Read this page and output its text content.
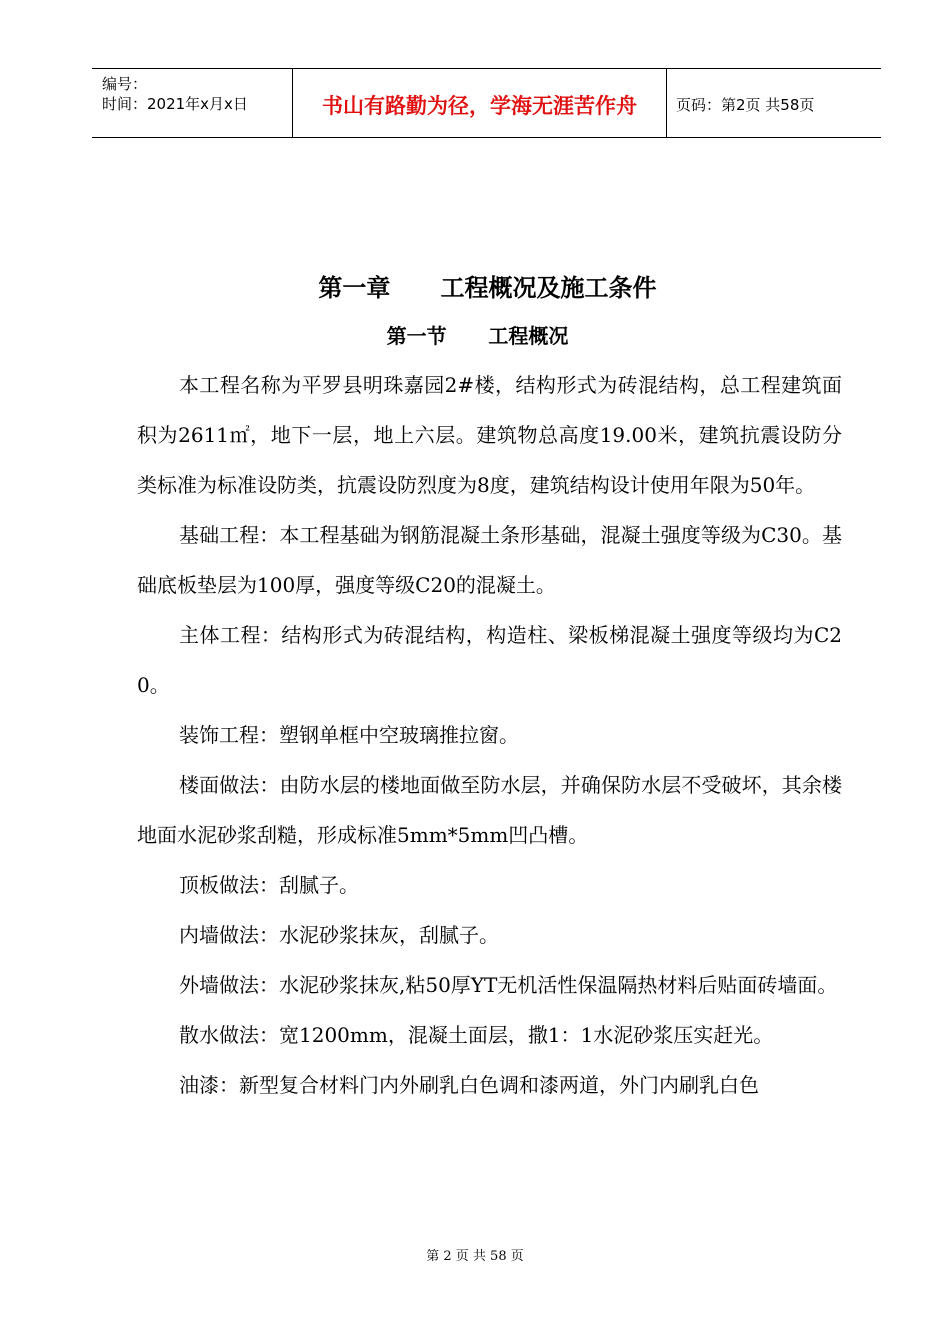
编号：
时间：2021年x月x日	书山有路勤为径，学海无涯苦作舟	页码：第2页 共58页
第一章      工程概况及施工条件
第一节      工程概况

本工程名称为平罗县明珠嘉园2#楼，结构形式为砖混结构，总工程建筑面积为2611㎡，地下一层，地上六层。建筑物总高度19.00米，建筑抗震设防分类标准为标准设防类，抗震设防烈度为8度，建筑结构设计使用年限为50年。

基础工程：本工程基础为钢筋混凝土条形基础，混凝土强度等级为C30。基础底板垫层为100厚，强度等级C20的混凝土。

主体工程：结构形式为砖混结构，构造柱、梁板梯混凝土强度等级均为C20。

装饰工程：塑钢单框中空玻璃推拉窗。

楼面做法：由防水层的楼地面做至防水层，并确保防水层不受破坏，其余楼地面水泥砂浆刮糙，形成标准5mm*5mm凹凸槽。

顶板做法：刮腻子。

内墙做法：水泥砂浆抹灰，刮腻子。

外墙做法：水泥砂浆抹灰,粘50厚YT无机活性保温隔热材料后贴面砖墙面。

散水做法：宽1200mm，混凝土面层，撒1：1水泥砂浆压实赶光。

油漆：新型复合材料门内外刷乳白色调和漆两道，外门内刷乳白色

第 2 页 共 58 页
